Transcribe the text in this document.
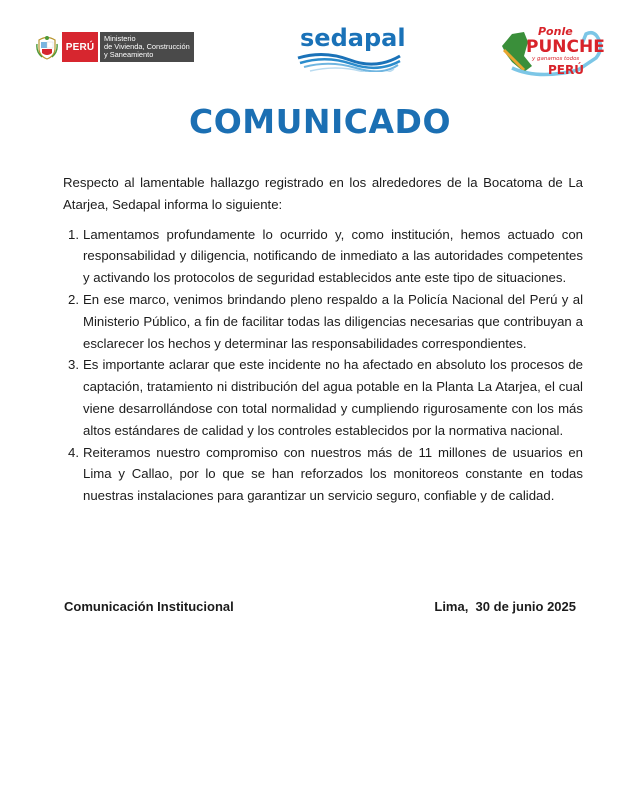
PERÚ
Ministerio
de Vivienda, Construcción
y Saneamiento
sedapal	Ponle
PUNCHE
y ganamos todos
PERÚ
COMUNICADO

Respecto al lamentable hallazgo registrado en los alrededores de la Bocatoma de La Atarjea, Sedapal informa lo siguiente:

1. Lamentamos profundamente lo ocurrido y, como institución, hemos actuado con responsabilidad y diligencia, notificando de inmediato a las autoridades competentes y activando los protocolos de seguridad establecidos ante este tipo de situaciones.
2. En ese marco, venimos brindando pleno respaldo a la Policía Nacional del Perú y al Ministerio Público, a fin de facilitar todas las diligencias necesarias que contribuyan a esclarecer los hechos y determinar las responsabilidades correspondientes.
3. Es importante aclarar que este incidente no ha afectado en absoluto los procesos de captación, tratamiento ni distribución del agua potable en la Planta La Atarjea, el cual viene desarrollándose con total normalidad y cumpliendo rigurosamente con los más altos estándares de calidad y los controles establecidos por la normativa nacional.
4. Reiteramos nuestro compromiso con nuestros más de 11 millones de usuarios en Lima y Callao, por lo que se han reforzados los monitoreos constante en todas nuestras instalaciones para garantizar un servicio seguro, confiable y de calidad.
Comunicación Institucional	Lima,  30 de junio 2025
